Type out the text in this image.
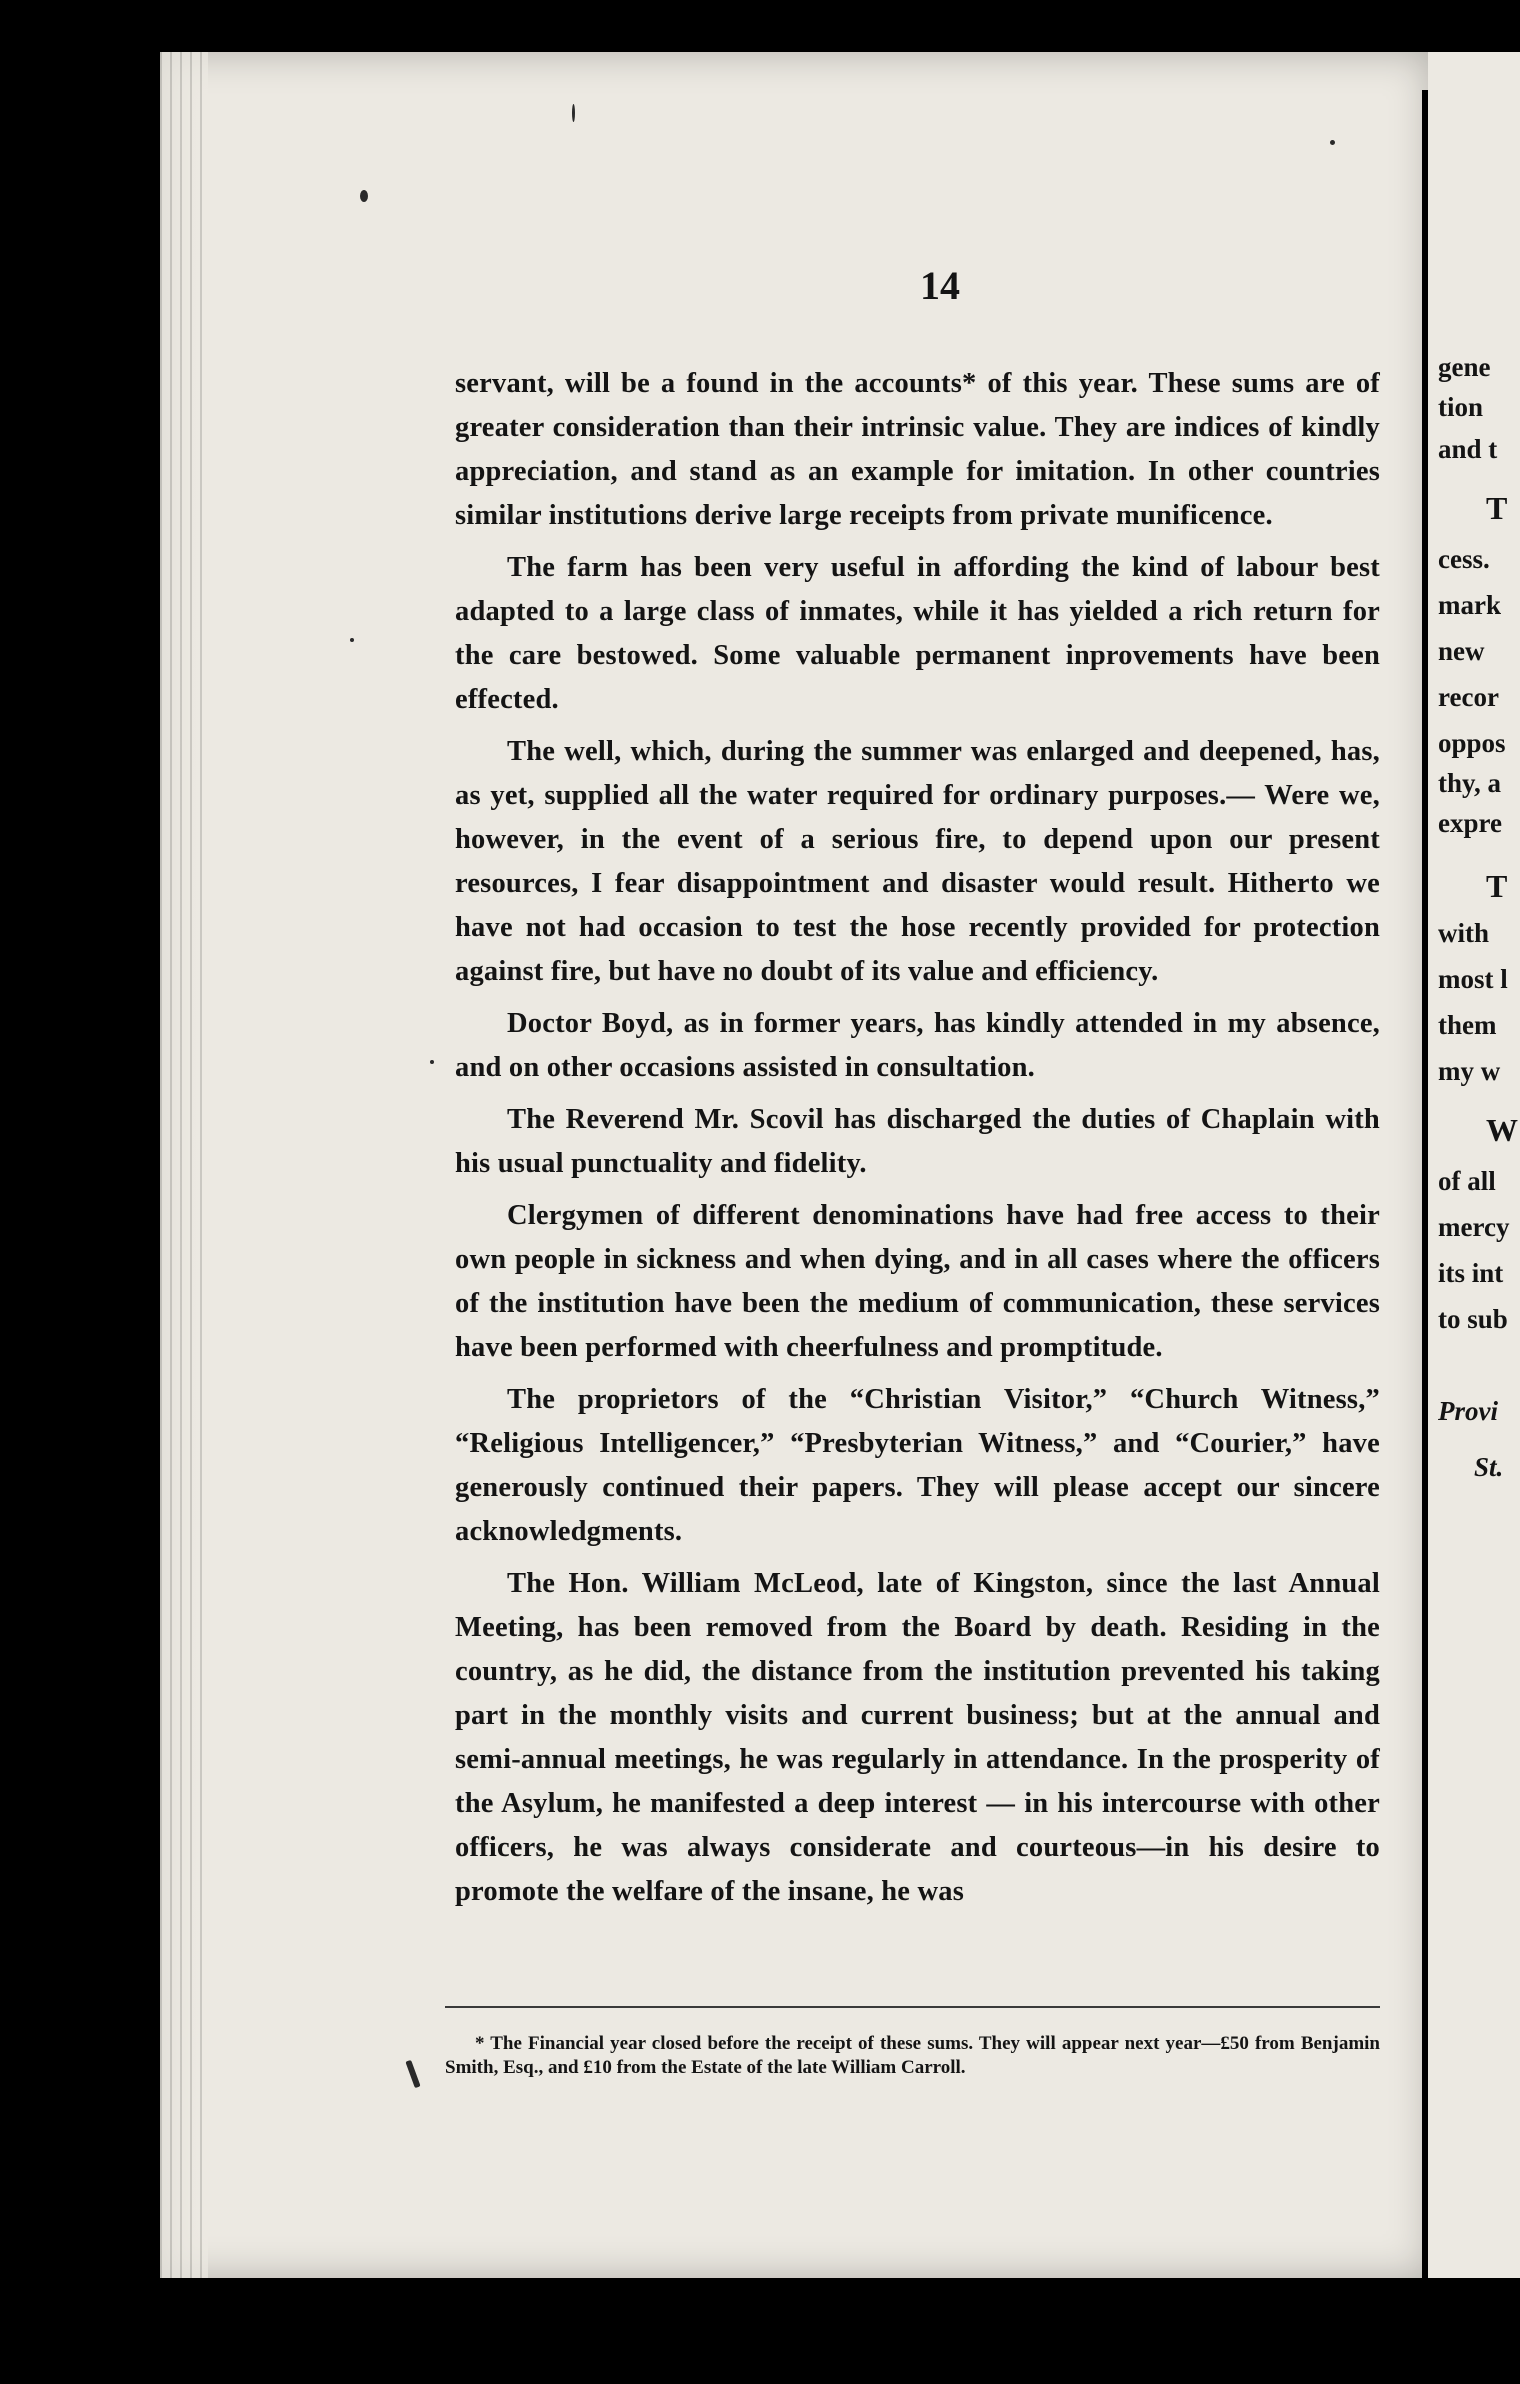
14

servant, will be a found in the accounts* of this year. These sums are of greater consideration than their intrinsic value. They are indices of kindly appreciation, and stand as an example for imitation. In other countries similar institutions derive large receipts from private munificence.

The farm has been very useful in affording the kind of labour best adapted to a large class of inmates, while it has yielded a rich return for the care bestowed. Some valuable permanent inprovements have been effected.

The well, which, during the summer was enlarged and deepened, has, as yet, supplied all the water required for ordinary purposes.— Were we, however, in the event of a serious fire, to depend upon our present resources, I fear disappointment and disaster would result. Hitherto we have not had occasion to test the hose recently provided for protection against fire, but have no doubt of its value and efficiency.

Doctor Boyd, as in former years, has kindly attended in my absence, and on other occasions assisted in consultation.

The Reverend Mr. Scovil has discharged the duties of Chaplain with his usual punctuality and fidelity.

Clergymen of different denominations have had free access to their own people in sickness and when dying, and in all cases where the officers of the institution have been the medium of communication, these services have been performed with cheerfulness and promptitude.

The proprietors of the “Christian Visitor,” “Church Witness,” “Religious Intelligencer,” “Presbyterian Witness,” and “Courier,” have generously continued their papers. They will please accept our sincere acknowledgments.

The Hon. William McLeod, late of Kingston, since the last Annual Meeting, has been removed from the Board by death. Residing in the country, as he did, the distance from the institution prevented his taking part in the monthly visits and current business; but at the annual and semi-annual meetings, he was regularly in attendance. In the prosperity of the Asylum, he manifested a deep interest — in his intercourse with other officers, he was always considerate and courteous—in his desire to promote the welfare of the insane, he was

* The Financial year closed before the receipt of these sums. They will appear next year—£50 from Benjamin Smith, Esq., and £10 from the Estate of the late William Carroll.
gene
tion
and t
T
cess.
mark
new
recor
oppos
thy, a
expre
T
with
most l
them
my w
W
of all
mercy
its int
to sub
Provi
St.
